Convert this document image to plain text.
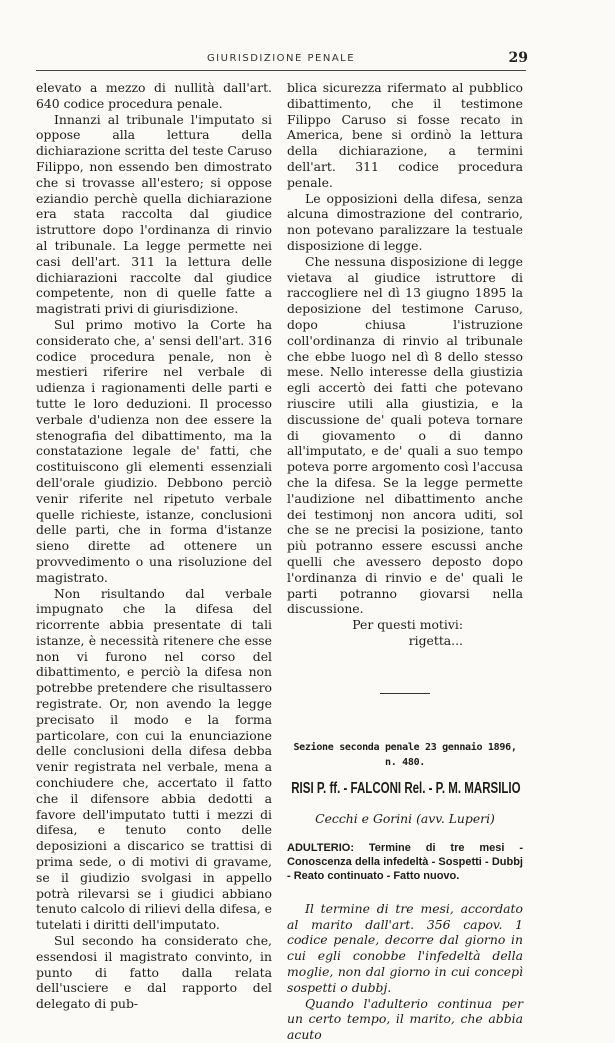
GIURISDIZIONE PENALE	29

elevato a mezzo di nullità dall'art. 640 codice procedura penale.

Innanzi al tribunale l'imputato si oppose alla lettura della dichiarazione scritta del teste Caruso Filippo, non essendo ben dimostrato che si trovasse all'estero; si oppose eziandio perchè quella dichiarazione era stata raccolta dal giudice istruttore dopo l'ordinanza di rinvio al tribunale. La legge permette nei casi dell'art. 311 la lettura delle dichiarazioni raccolte dal giudice competente, non di quelle fatte a magistrati privi di giurisdizione.

Sul primo motivo la Corte ha considerato che, a' sensi dell'art. 316 codice procedura penale, non è mestieri riferire nel verbale di udienza i ragionamenti delle parti e tutte le loro deduzioni. Il processo verbale d'udienza non dee essere la stenografia del dibattimento, ma la constatazione legale de' fatti, che costituiscono gli elementi essenziali dell'orale giudizio. Debbono perciò venir riferite nel ripetuto verbale quelle richieste, istanze, conclusioni delle parti, che in forma d'istanze sieno dirette ad ottenere un provvedimento o una risoluzione del magistrato.

Non risultando dal verbale impugnato che la difesa del ricorrente abbia presentate di tali istanze, è necessità ritenere che esse non vi furono nel corso del dibattimento, e perciò la difesa non potrebbe pretendere che risultassero registrate. Or, non avendo la legge precisato il modo e la forma particolare, con cui la enunciazione delle conclusioni della difesa debba venir registrata nel verbale, mena a conchiudere che, accertato il fatto che il difensore abbia dedotti a favore dell'imputato tutti i mezzi di difesa, e tenuto conto delle deposizioni a discarico se trattisi di prima sede, o di motivi di gravame, se il giudizio svolgasi in appello potrà rilevarsi se i giudici abbiano tenuto calcolo di rilievi della difesa, e tutelati i diritti dell'imputato.

Sul secondo ha considerato che, essendosi il magistrato convinto, in punto di fatto dalla relata dell'usciere e dal rapporto del delegato di pub-

blica sicurezza rifermato al pubblico dibattimento, che il testimone Filippo Caruso si fosse recato in America, bene si ordinò la lettura della dichiarazione, a termini dell'art. 311 codice procedura penale.

Le opposizioni della difesa, senza alcuna dimostrazione del contrario, non potevano paralizzare la testuale disposizione di legge.

Che nessuna disposizione di legge vietava al giudice istruttore di raccogliere nel dì 13 giugno 1895 la deposizione del testimone Caruso, dopo chiusa l'istruzione coll'ordinanza di rinvio al tribunale che ebbe luogo nel dì 8 dello stesso mese. Nello interesse della giustizia egli accertò dei fatti che potevano riuscire utili alla giustizia, e la discussione de' quali poteva tornare di giovamento o di danno all'imputato, e de' quali a suo tempo poteva porre argomento così l'accusa che la difesa. Se la legge permette l'audizione nel dibattimento anche dei testimonj non ancora uditi, sol che se ne precisi la posizione, tanto più potranno essere escussi anche quelli che avessero deposto dopo l'ordinanza di rinvio e de' quali le parti potranno giovarsi nella discussione.

Per questi motivi: rigetta...

Sezione seconda penale 23 gennaio 1896, n. 480.
RISI P. ff. - FALCONI Rel. - P. M. MARSILIO
Cecchi e Gorini (avv. Luperi)
ADULTERIO: Termine di tre mesi - Conoscenza della infedeltà - Sospetti - Dubbj - Reato continuato - Fatto nuovo.

Il termine di tre mesi, accordato al marito dall'art. 356 capov. 1 codice penale, decorre dal giorno in cui egli conobbe l'infedeltà della moglie, non dal giorno in cui concepì sospetti o dubbj.

Quando l'adulterio continua per un certo tempo, il marito, che abbia acuto
